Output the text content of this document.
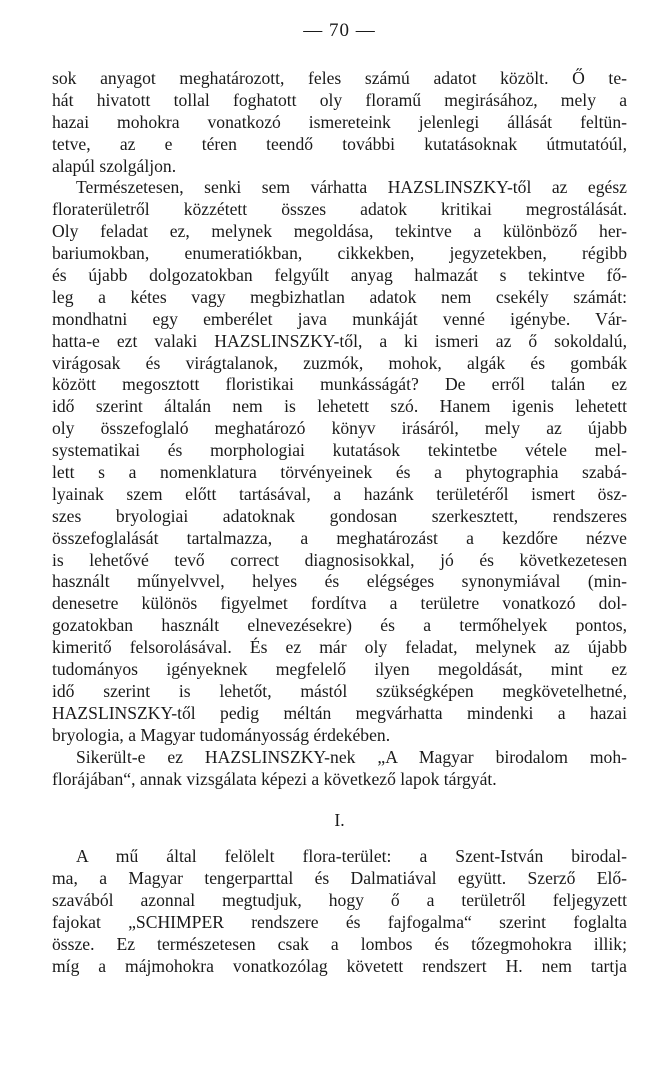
— 70 —
sok anyagot meghatározott, feles számú adatot közölt. Ő te-
hát hivatott tollal foghatott oly floramű megirásához, mely a
hazai mohokra vonatkozó ismereteink jelenlegi állását feltün-
tetve, az e téren teendő további kutatásoknak útmutatóúl,
alapúl szolgáljon.
Természetesen, senki sem várhatta HAZSLINSZKY-től az egész
floraterületről közzétett összes adatok kritikai megrostálását.
Oly feladat ez, melynek megoldása, tekintve a különböző her-
bariumokban, enumeratiókban, cikkekben, jegyzetekben, régibb
és újabb dolgozatokban felgyűlt anyag halmazát s tekintve fő-
leg a kétes vagy megbizhatlan adatok nem csekély számát:
mondhatni egy emberélet java munkáját venné igénybe. Vár-
hatta-e ezt valaki HAZSLINSZKY-től, a ki ismeri az ő sokoldalú,
virágosak és virágtalanok, zuzmók, mohok, algák és gombák
között megosztott floristikai munkásságát? De erről talán ez
idő szerint általán nem is lehetett szó. Hanem igenis lehetett
oly összefoglaló meghatározó könyv irásáról, mely az újabb
systematikai és morphologiai kutatások tekintetbe vétele mel-
lett s a nomenklatura törvényeinek és a phytographia szabá-
lyainak szem előtt tartásával, a hazánk területéről ismert ösz-
szes bryologiai adatoknak gondosan szerkesztett, rendszeres
összefoglalását tartalmazza, a meghatározást a kezdőre nézve
is lehetővé tevő correct diagnosisokkal, jó és következetesen
használt műnyelvvel, helyes és elégséges synonymiával (min-
denesetre különös figyelmet fordítva a területre vonatkozó dol-
gozatokban használt elnevezésekre) és a termőhelyek pontos,
kimeritő felsorolásával. És ez már oly feladat, melynek az újabb
tudományos igényeknek megfelelő ilyen megoldását, mint ez
idő szerint is lehetőt, mástól szükségképen megkövetelhetné,
HAZSLINSZKY-től pedig méltán megvárhatta mindenki a hazai
bryologia, a Magyar tudományosság érdekében.
Sikerült-e ez HAZSLINSZKY-nek „A Magyar birodalom moh-
florájában“, annak vizsgálata képezi a következő lapok tárgyát.
I.
A mű által felölelt flora-terület: a Szent-István birodal-
ma, a Magyar tengerparttal és Dalmatiával együtt. Szerző Elő-
szavából azonnal megtudjuk, hogy ő a területről feljegyzett
fajokat „SCHIMPER rendszere és fajfogalma“ szerint foglalta
össze. Ez természetesen csak a lombos és tőzegmohokra illik;
míg a májmohokra vonatkozólag követett rendszert H. nem tartja
